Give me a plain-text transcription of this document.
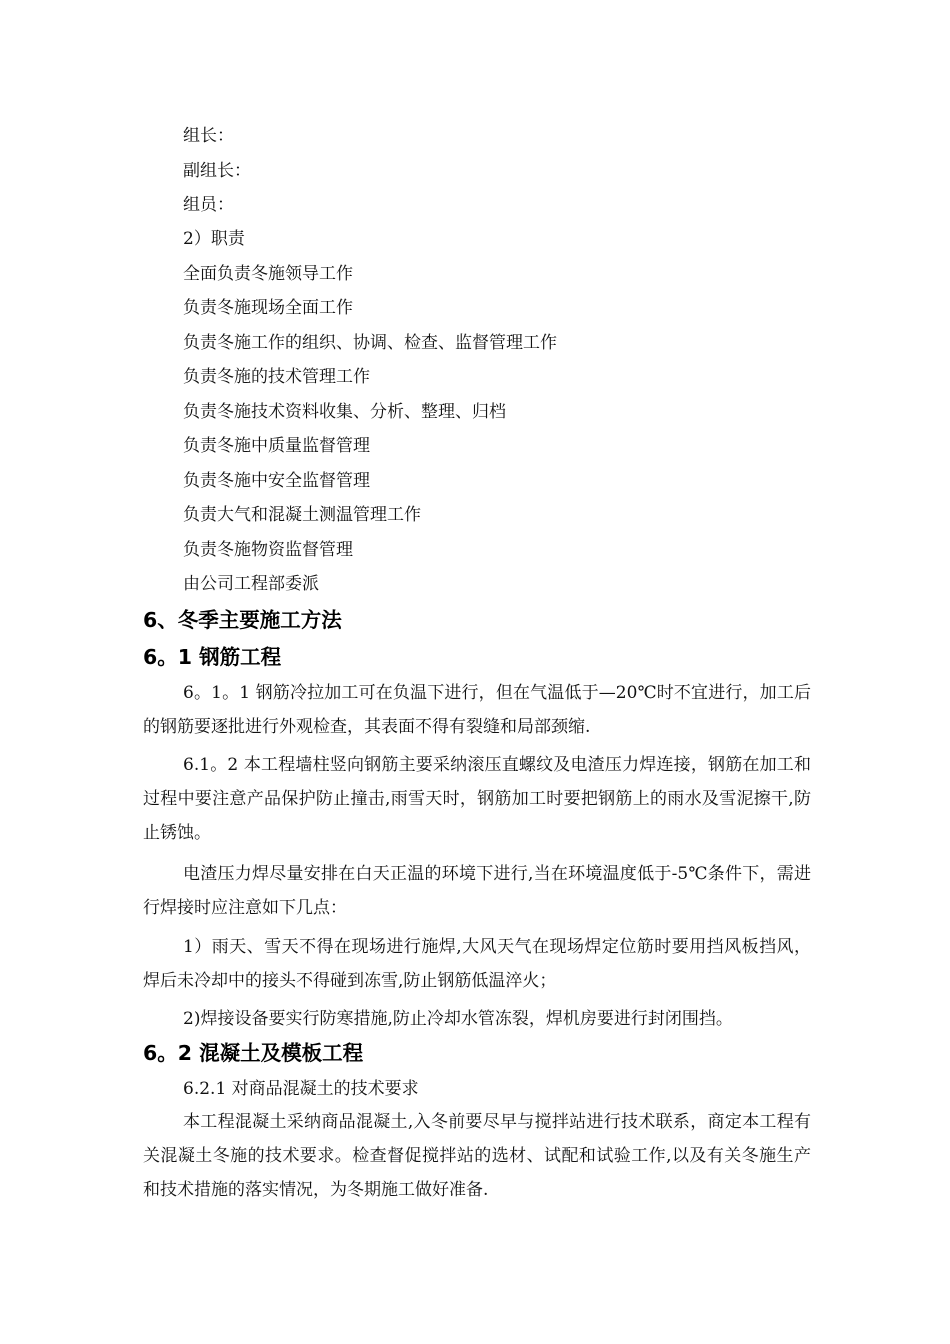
组长：
副组长：
组员：
2）职责
全面负责冬施领导工作
负责冬施现场全面工作
负责冬施工作的组织、协调、检查、监督管理工作
负责冬施的技术管理工作
负责冬施技术资料收集、分析、整理、归档
负责冬施中质量监督管理
负责冬施中安全监督管理
负责大气和混凝土测温管理工作
负责冬施物资监督管理
由公司工程部委派
6、冬季主要施工方法
6。1 钢筋工程
6。1。1 钢筋冷拉加工可在负温下进行，但在气温低于—20℃时不宜进行，加工后的钢筋要逐批进行外观检查，其表面不得有裂缝和局部颈缩.
6.1。2 本工程墙柱竖向钢筋主要采纳滚压直螺纹及电渣压力焊连接，钢筋在加工和过程中要注意产品保护防止撞击,雨雪天时，钢筋加工时要把钢筋上的雨水及雪泥擦干,防止锈蚀。
电渣压力焊尽量安排在白天正温的环境下进行,当在环境温度低于-5℃条件下，需进行焊接时应注意如下几点：
1）雨天、雪天不得在现场进行施焊,大风天气在现场焊定位筋时要用挡风板挡风，焊后未冷却中的接头不得碰到冻雪,防止钢筋低温淬火；
2)焊接设备要实行防寒措施,防止冷却水管冻裂，焊机房要进行封闭围挡。
6。2 混凝土及模板工程
6.2.1 对商品混凝土的技术要求
本工程混凝土采纳商品混凝土,入冬前要尽早与搅拌站进行技术联系，商定本工程有关混凝土冬施的技术要求。检查督促搅拌站的选材、试配和试验工作,以及有关冬施生产和技术措施的落实情况，为冬期施工做好准备.
